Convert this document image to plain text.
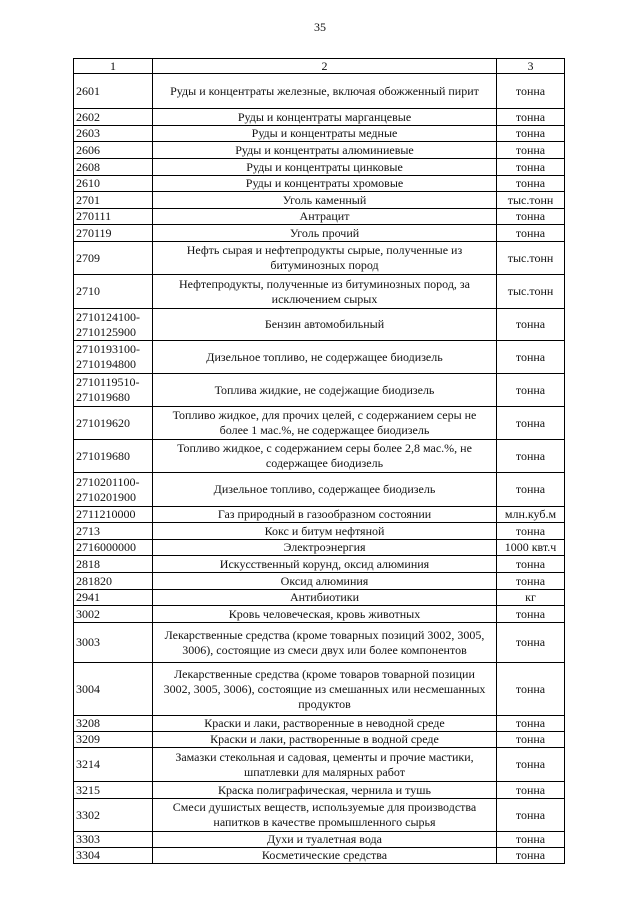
35
1	2	3

2601	Руды и концентраты железные, включая обожженный пирит	тонна

2602	Руды и концентраты марганцевые	тонна

2603	Руды и концентраты медные	тонна

2606	Руды и концентраты алюминиевые	тонна

2608	Руды и концентраты цинковые	тонна

2610	Руды и концентраты хромовые	тонна

2701	Уголь каменный	тыс.тонн

270111	Антрацит	тонна

270119	Уголь прочий	тонна

2709	Нефть сырая и нефтепродукты сырые, полученные из
битуминозных пород	тыс.тонн

2710	Нефтепродукты, полученные из битуминозных пород, за
исключением сырых	тыс.тонн

2710124100-
2710125900	Бензин автомобильный	тонна

2710193100-
2710194800	Дизельное топливо, не содержащее биодизель	тонна

2710119510-
271019680	Топлива жидкие, не содеjжащие биодизель	тонна

271019620	Топливо жидкое, для прочих целей, с содержанием серы не
более 1 мас.%, не содержащее биодизель	тонна

271019680	Топливо жидкое, с содержанием серы более 2,8 мас.%, не
содержащее биодизель	тонна

2710201100-
2710201900	Дизельное топливо, содержащее биодизель	тонна

2711210000	Газ природный в газообразном состоянии	млн.куб.м

2713	Кокс и битум нефтяной	тонна

2716000000	Электроэнергия	1000 квт.ч

2818	Искусственный корунд, оксид алюминия	тонна

281820	Оксид алюминия	тонна

2941	Антибиотики	кг

3002	Кровь человеческая, кровь животных	тонна

3003	Лекарственные средства (кроме товарных позиций 3002, 3005,
3006), состоящие из смеси двух или более компонентов	тонна

3004	Лекарственные средства (кроме товаров товарной позиции
3002, 3005, 3006), состоящие из смешанных или несмешанных
продуктов	тонна

3208	Краски и лаки, растворенные в неводной среде	тонна

3209	Краски и лаки, растворенные в водной среде	тонна

3214	Замазки стекольная и садовая, цементы и прочие мастики,
шпатлевки для малярных работ	тонна

3215	Краска полиграфическая, чернила и тушь	тонна

3302	Смеси душистых веществ, используемые для производства
напитков в качестве промышленного сырья	тонна

3303	Духи и туалетная вода	тонна

3304	Косметические средства	тонна
